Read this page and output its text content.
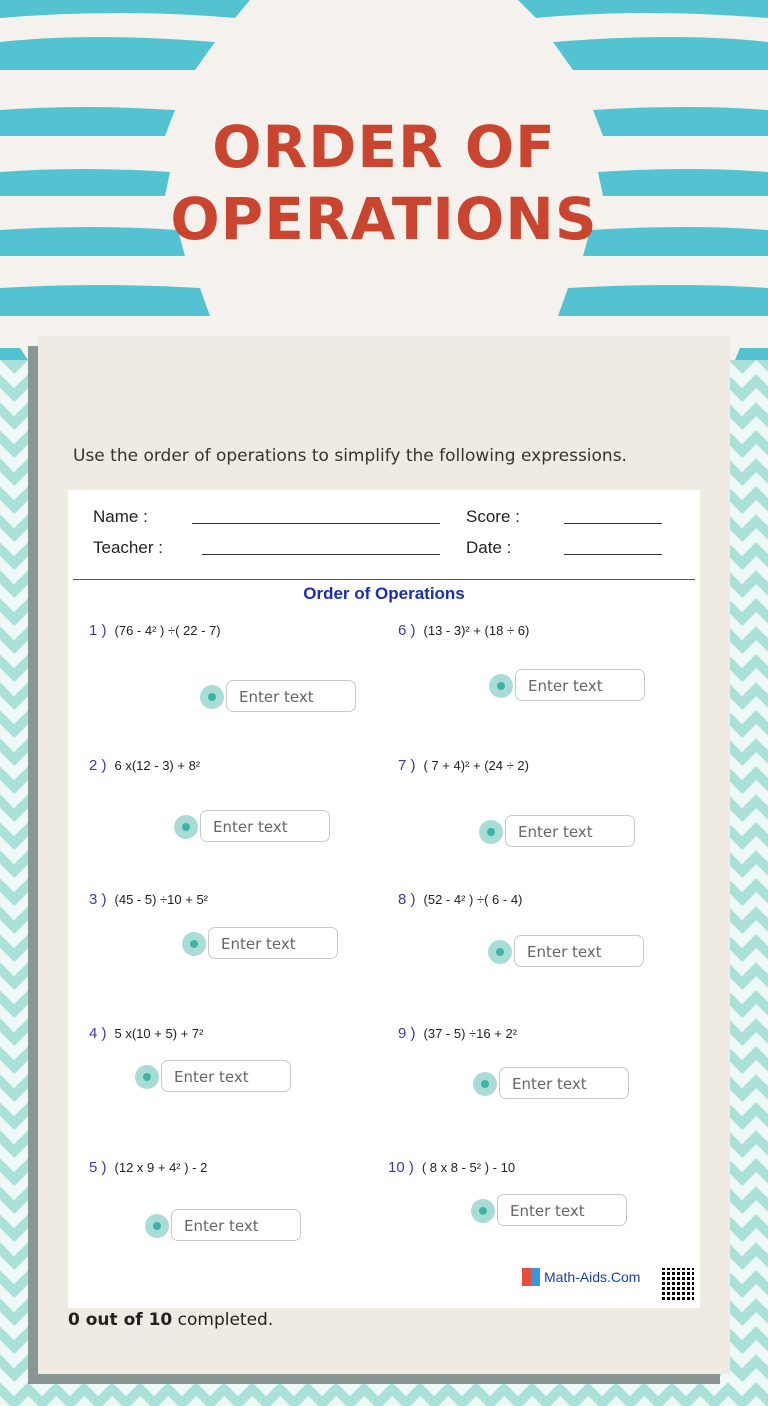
ORDER OF
OPERATIONS
Use the order of operations to simplify the following expressions.
Name :	Score :
Teacher :	Date :
Order of Operations
1 ) (76 - 4² ) ÷( 22 - 7)
2 ) 6 x(12 - 3) + 8²
3 ) (45 - 5) ÷10 + 5²
4 ) 5 x(10 + 5) + 7²
5 ) (12 x 9 + 4² ) - 2
6 ) (13 - 3)² + (18 ÷ 6)
7 ) ( 7 + 4)² + (24 ÷ 2)
8 ) (52 - 4² ) ÷( 6 - 4)
9 ) (37 - 5) ÷16 + 2²
10 ) ( 8 x 8 - 5² ) - 10
Enter text
Enter text
Enter text
Enter text
Enter text
Enter text
Enter text
Enter text
Enter text
Enter text
Math-Aids.Com
0 out of 10 completed.
